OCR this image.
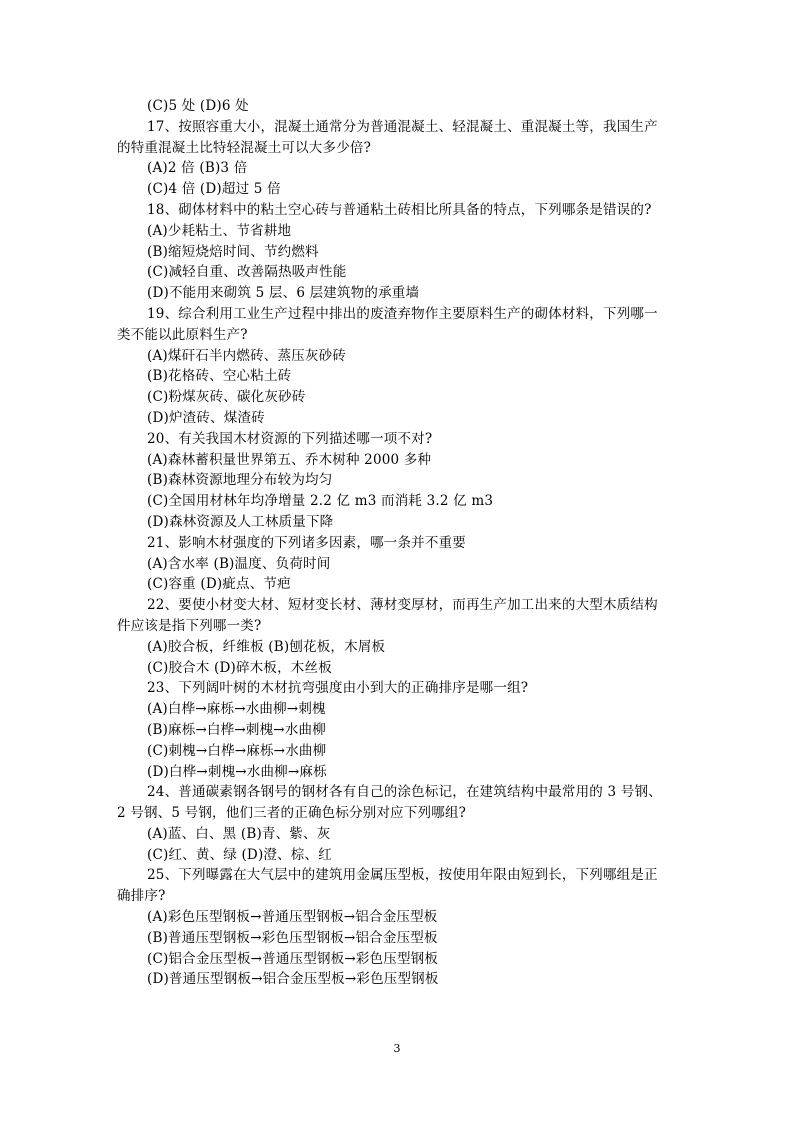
(C)5 处 (D)6 处
17、按照容重大小，混凝土通常分为普通混凝土、轻混凝土、重混凝土等，我国生产
的特重混凝土比特轻混凝土可以大多少倍?
(A)2 倍 (B)3 倍
(C)4 倍 (D)超过 5 倍
18、砌体材料中的粘土空心砖与普通粘土砖相比所具备的特点，下列哪条是错误的?
(A)少耗粘土、节省耕地
(B)缩短烧焙时间、节约燃料
(C)减轻自重、改善隔热吸声性能
(D)不能用来砌筑 5 层、6 层建筑物的承重墙
19、综合利用工业生产过程中排出的废渣弃物作主要原料生产的砌体材料，下列哪一
类不能以此原料生产?
(A)煤矸石半内燃砖、蒸压灰砂砖
(B)花格砖、空心粘土砖
(C)粉煤灰砖、碳化灰砂砖
(D)炉渣砖、煤渣砖
20、有关我国木材资源的下列描述哪一项不对?
(A)森林蓄积量世界第五、乔木树种 2000 多种
(B)森林资源地理分布较为均匀
(C)全国用材林年均净增量 2.2 亿 m3 而消耗 3.2 亿 m3
(D)森林资源及人工林质量下降
21、影响木材强度的下列诸多因素，哪一条并不重要
(A)含水率 (B)温度、负荷时间
(C)容重 (D)疵点、节疤
22、要使小材变大材、短材变长材、薄材变厚材，而再生产加工出来的大型木质结构
件应该是指下列哪一类?
(A)胶合板，纤维板 (B)刨花板，木屑板
(C)胶合木 (D)碎木板，木丝板
23、下列阔叶树的木材抗弯强度由小到大的正确排序是哪一组?
(A)白桦→麻栎→水曲柳→刺槐
(B)麻栎→白桦→刺槐→水曲柳
(C)刺槐→白桦→麻栎→水曲柳
(D)白桦→刺槐→水曲柳→麻栎
24、普通碳素钢各钢号的钢材各有自己的涂色标记，在建筑结构中最常用的 3 号钢、
2 号钢、5 号钢，他们三者的正确色标分别对应下列哪组?
(A)蓝、白、黑 (B)青、紫、灰
(C)红、黄、绿 (D)澄、棕、红
25、下列曝露在大气层中的建筑用金属压型板，按使用年限由短到长，下列哪组是正
确排序?
(A)彩色压型钢板→普通压型钢板→铝合金压型板
(B)普通压型钢板→彩色压型钢板→铝合金压型板
(C)铝合金压型板→普通压型钢板→彩色压型钢板
(D)普通压型钢板→铝合金压型板→彩色压型钢板
3
